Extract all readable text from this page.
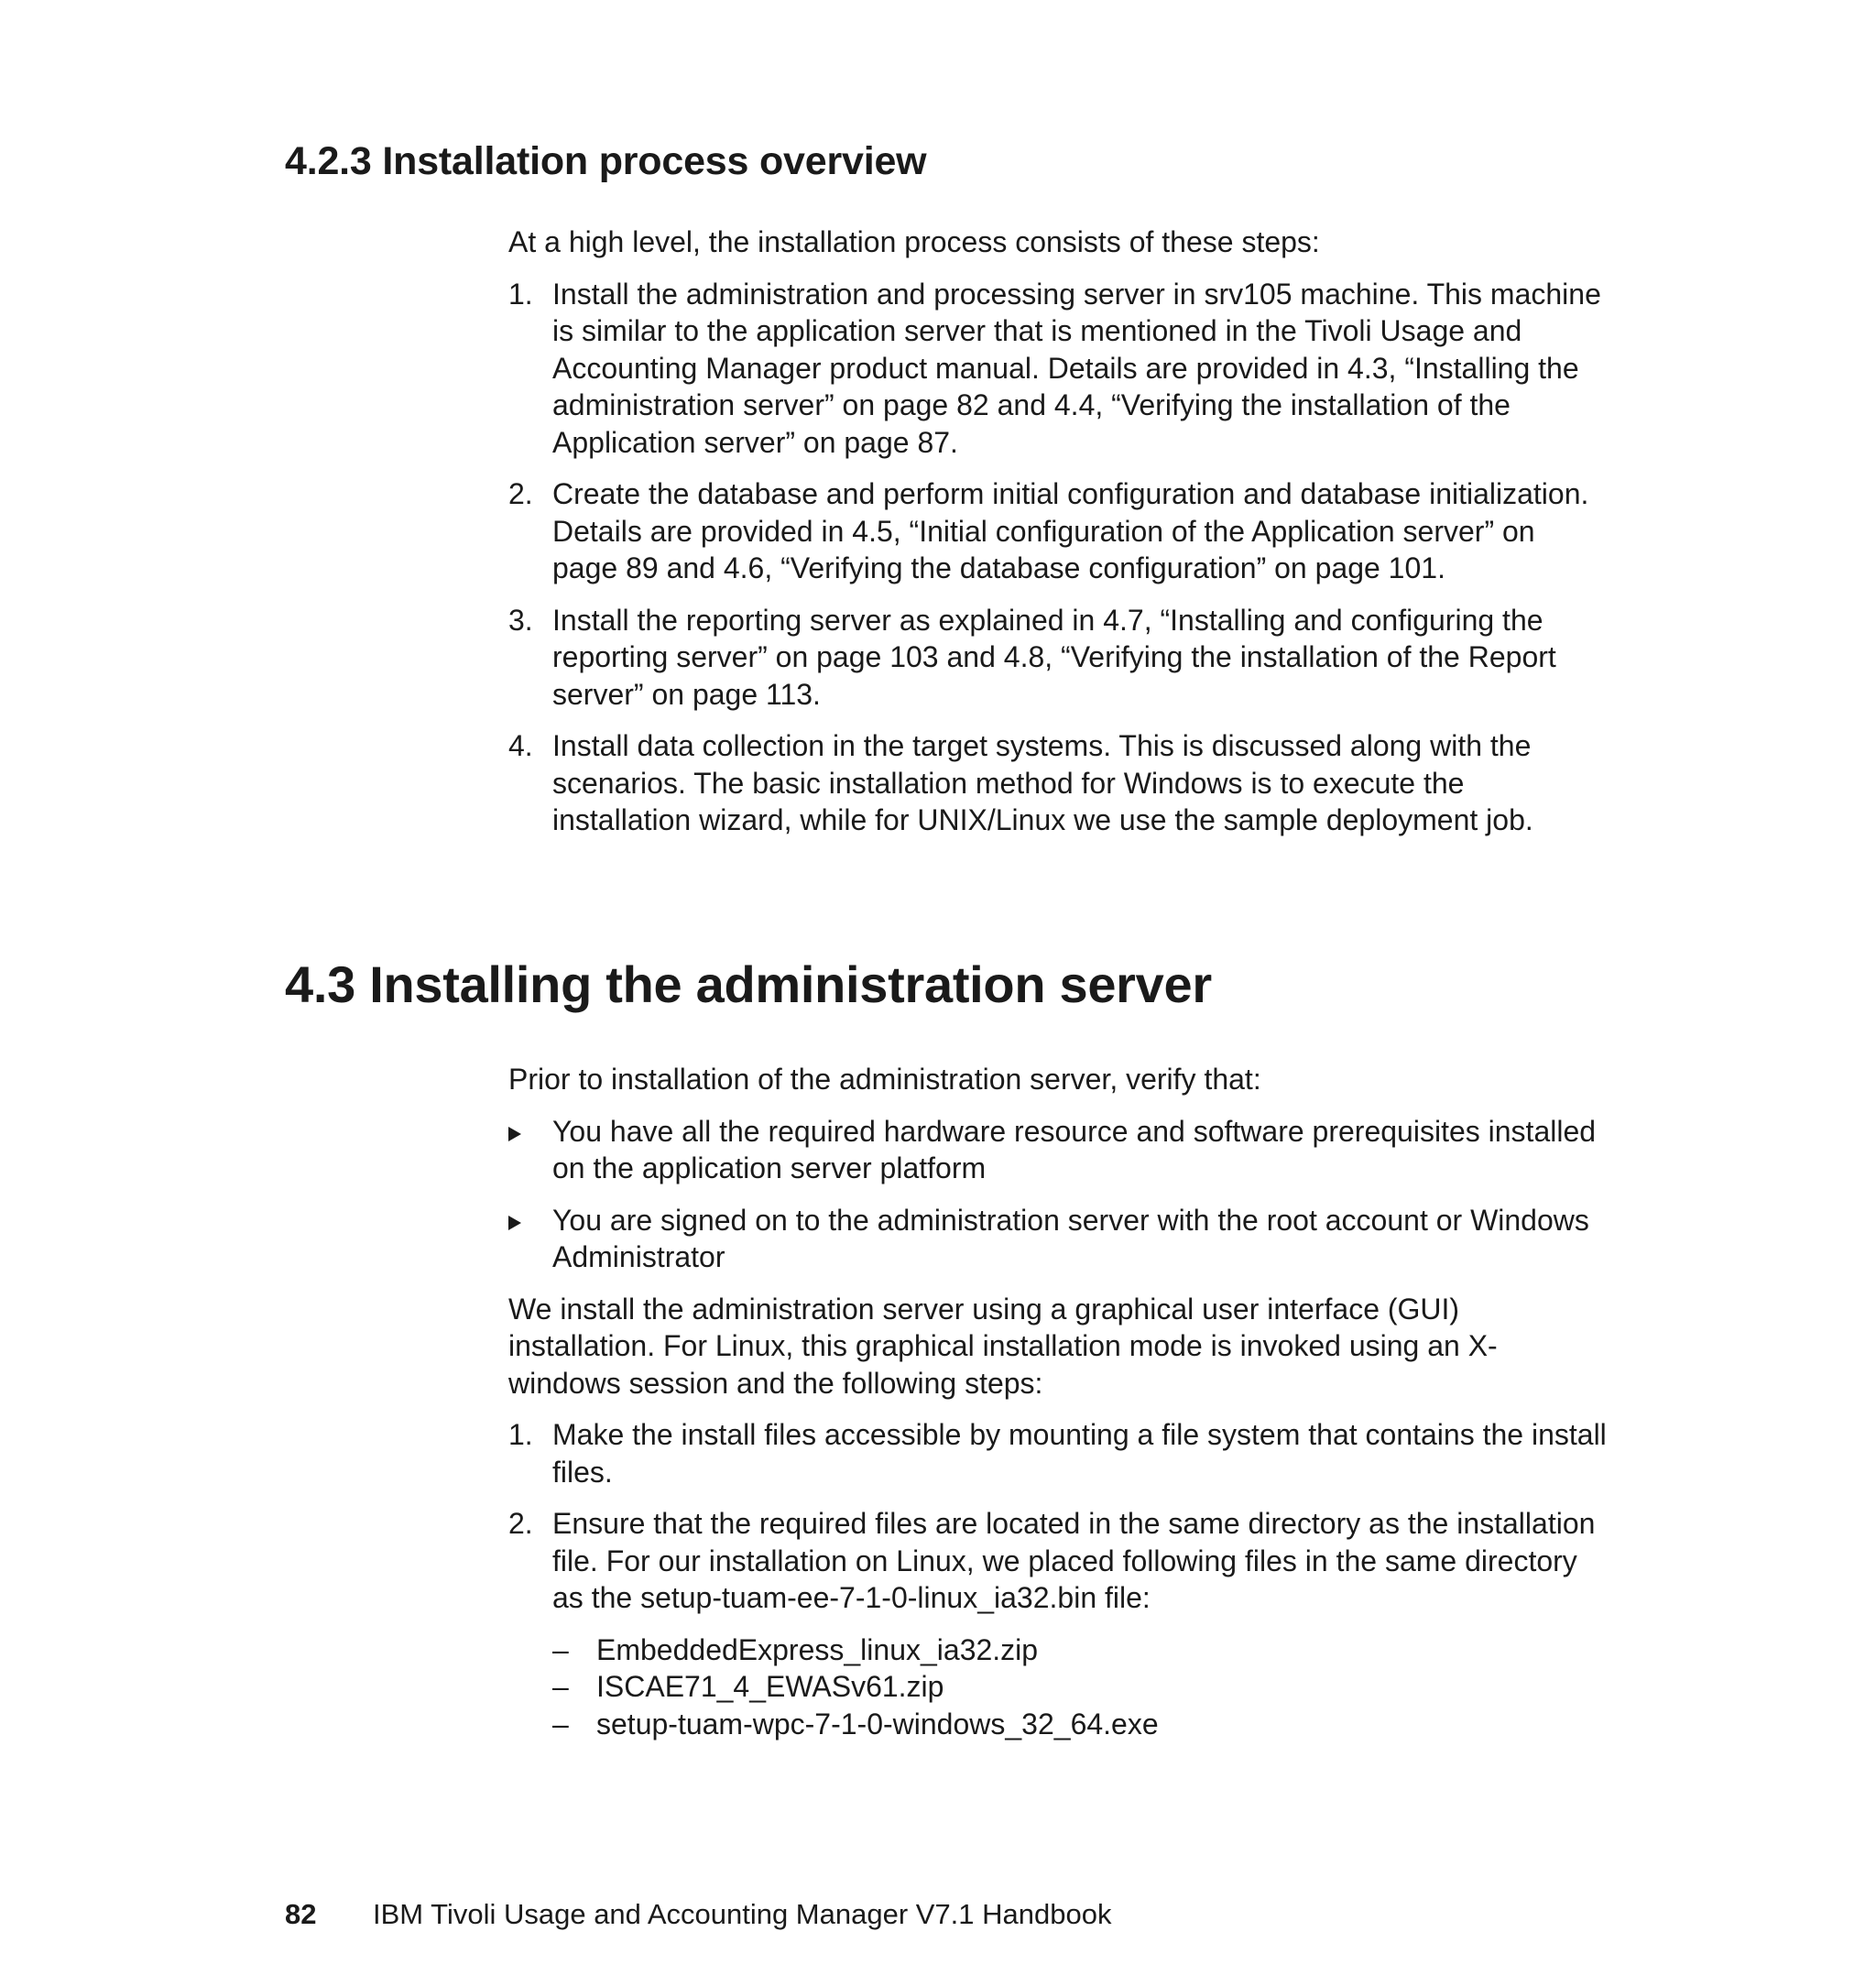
4.2.3 Installation process overview

At a high level, the installation process consists of these steps:

1. Install the administration and processing server in srv105 machine. This machine is similar to the application server that is mentioned in the Tivoli Usage and Accounting Manager product manual. Details are provided in 4.3, “Installing the administration server” on page 82 and 4.4, “Verifying the installation of the Application server” on page 87.
2. Create the database and perform initial configuration and database initialization. Details are provided in 4.5, “Initial configuration of the Application server” on page 89 and 4.6, “Verifying the database configuration” on page 101.
3. Install the reporting server as explained in 4.7, “Installing and configuring the reporting server” on page 103 and 4.8, “Verifying the installation of the Report server” on page 113.
4. Install data collection in the target systems. This is discussed along with the scenarios. The basic installation method for Windows is to execute the installation wizard, while for UNIX/Linux we use the sample deployment job.
4.3 Installing the administration server

Prior to installation of the administration server, verify that:

You have all the required hardware resource and software prerequisites installed on the application server platform
You are signed on to the administration server with the root account or Windows Administrator

We install the administration server using a graphical user interface (GUI) installation. For Linux, this graphical installation mode is invoked using an X-windows session and the following steps:

1. Make the install files accessible by mounting a file system that contains the install files.
2. Ensure that the required files are located in the same directory as the installation file. For our installation on Linux, we placed following files in the same directory as the setup-tuam-ee-7-1-0-linux_ia32.bin file:
– EmbeddedExpress_linux_ia32.zip
– ISCAE71_4_EWASv61.zip
– setup-tuam-wpc-7-1-0-windows_32_64.exe
82 IBM Tivoli Usage and Accounting Manager V7.1 Handbook
